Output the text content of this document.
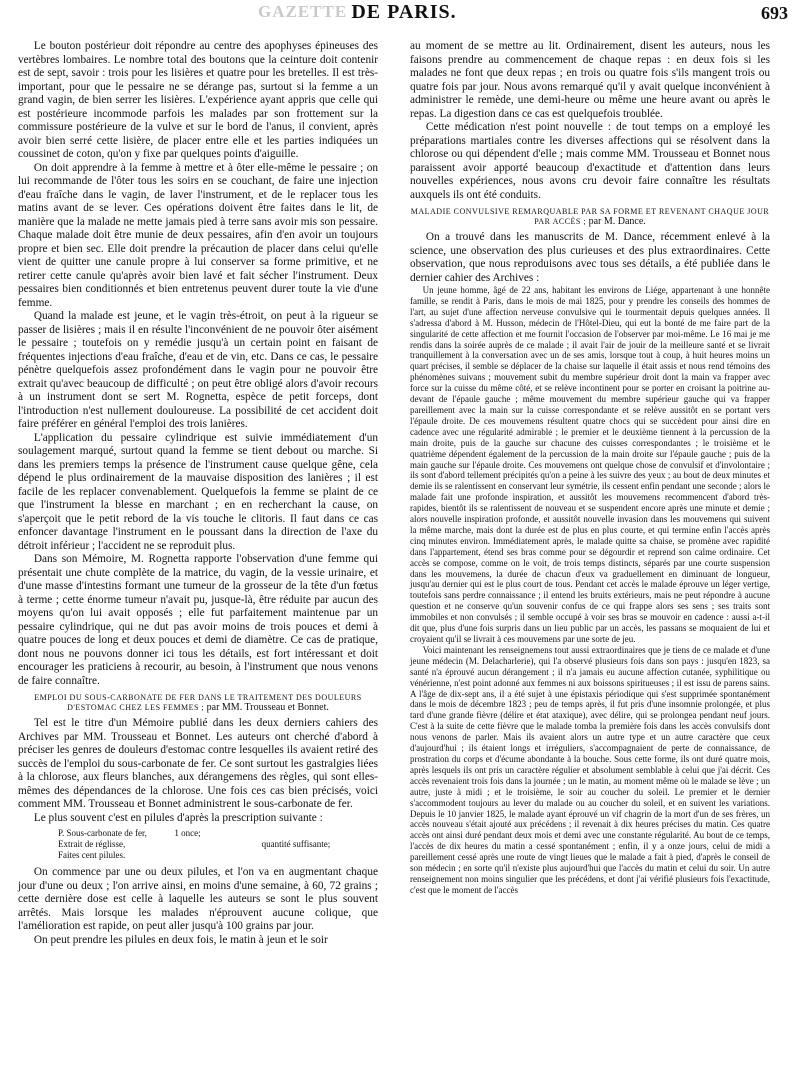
GAZETTE DE PARIS.	693

Le bouton postérieur doit répondre au centre des apophyses épineuses des vertèbres lombaires. Le nombre total des boutons que la ceinture doit contenir est de sept, savoir : trois pour les lisières et quatre pour les bretelles. Il est très-important, pour que le pessaire ne se dérange pas, surtout si la femme a un grand vagin, de bien serrer les lisières. L'expérience ayant appris que celle qui est postérieure incommode parfois les malades par son frottement sur la commissure postérieure de la vulve et sur le bord de l'anus, il convient, après avoir bien serré cette lisière, de placer entre elle et les parties indiquées un coussinet de coton, qu'on y fixe par quelques points d'aiguille.

On doit apprendre à la femme à mettre et à ôter elle-même le pessaire ; on lui recommande de l'ôter tous les soirs en se couchant, de faire une injection d'eau fraîche dans le vagin, de laver l'instrument, et de le replacer tous les matins avant de se lever. Ces opérations doivent être faites dans le lit, de manière que la malade ne mette jamais pied à terre sans avoir mis son pessaire. Chaque malade doit être munie de deux pessaires, afin d'en avoir un toujours propre et bien sec. Elle doit prendre la précaution de placer dans celui qu'elle vient de quitter une canule propre à lui conserver sa forme primitive, et ne retirer cette canule qu'après avoir bien lavé et fait sécher l'instrument. Deux pessaires bien conditionnés et bien entretenus peuvent durer toute la vie d'une femme.

Quand la malade est jeune, et le vagin très-étroit, on peut à la rigueur se passer de lisières ; mais il en résulte l'inconvénient de ne pouvoir ôter aisément le pessaire ; toutefois on y remédie jusqu'à un certain point en faisant de fréquentes injections d'eau fraîche, d'eau et de vin, etc. Dans ce cas, le pessaire pénètre quelquefois assez profondément dans le vagin pour ne pouvoir être extrait qu'avec beaucoup de difficulté ; on peut être obligé alors d'avoir recours à un instrument dont se sert M. Rognetta, espèce de petit forceps, dont l'introduction n'est nullement douloureuse. La possibilité de cet accident doit faire préférer en général l'emploi des trois lanières.

L'application du pessaire cylindrique est suivie immédiatement d'un soulagement marqué, surtout quand la femme se tient debout ou marche. Si dans les premiers temps la présence de l'instrument cause quelque gêne, cela dépend le plus ordinairement de la mauvaise disposition des lanières ; il est facile de les replacer convenablement. Quelquefois la femme se plaint de ce que l'instrument la blesse en marchant ; en en recherchant la cause, on s'aperçoit que le petit rebord de la vis touche le clitoris. Il faut dans ce cas enfoncer davantage l'instrument en le poussant dans la direction de l'axe du détroit inférieur ; l'accident ne se reproduit plus.

Dans son Mémoire, M. Rognetta rapporte l'observation d'une femme qui présentait une chute complète de la matrice, du vagin, de la vessie urinaire, et d'une masse d'intestins formant une tumeur de la grosseur de la tête d'un fœtus à terme ; cette énorme tumeur n'avait pu, jusque-là, être réduite par aucun des moyens qu'on lui avait opposés ; elle fut parfaitement maintenue par un pessaire cylindrique, qui ne dut pas avoir moins de trois pouces et demi à quatre pouces de long et deux pouces et demi de diamètre. Ce cas de pratique, dont nous ne pouvons donner ici tous les détails, est fort intéressant et doit encourager les praticiens à recourir, au besoin, à l'instrument que nous venons de faire connaître.

EMPLOI DU SOUS-CARBONATE DE FER DANS LE TRAITEMENT DES DOULEURS D'ESTOMAC CHEZ LES FEMMES ; par MM. Trousseau et Bonnet.

Tel est le titre d'un Mémoire publié dans les deux derniers cahiers des Archives par MM. Trousseau et Bonnet. Les auteurs ont cherché d'abord à préciser les genres de douleurs d'estomac contre lesquelles ils avaient retiré des succès de l'emploi du sous-carbonate de fer. Ce sont surtout les gastralgies liées à la chlorose, aux fleurs blanches, aux dérangemens des règles, qui sont elles-mêmes des dépendances de la chlorose. Une fois ces cas bien précisés, voici comment MM. Trousseau et Bonnet administrent le sous-carbonate de fer.

Le plus souvent c'est en pilules d'après la prescription suivante :

P. Sous-carbonate de fer,	1 once;
Extrait de réglisse,	quantité suffisante;
Faites cent pilules.

On commence par une ou deux pilules, et l'on va en augmentant chaque jour d'une ou deux ; l'on arrive ainsi, en moins d'une semaine, à 60, 72 grains ; cette dernière dose est celle à laquelle les auteurs se sont le plus souvent arrêtés. Mais lorsque les malades n'éprouvent aucune colique, que l'amélioration est rapide, on peut aller jusqu'à 100 grains par jour.

On peut prendre les pilules en deux fois, le matin à jeun et le soir

au moment de se mettre au lit. Ordinairement, disent les auteurs, nous les faisons prendre au commencement de chaque repas : en deux fois si les malades ne font que deux repas ; en trois ou quatre fois s'ils mangent trois ou quatre fois par jour. Nous avons remarqué qu'il y avait quelque inconvénient à administrer le remède, une demi-heure ou même une heure avant ou après le repas. La digestion dans ce cas est quelquefois troublée.

Cette médication n'est point nouvelle : de tout temps on a employé les préparations martiales contre les diverses affections qui se résolvent dans la chlorose ou qui dépendent d'elle ; mais comme MM. Trousseau et Bonnet nous paraissent avoir apporté beaucoup d'exactitude et d'attention dans leurs nouvelles expériences, nous avons cru devoir faire connaître les résultats auxquels ils ont été conduits.

MALADIE CONVULSIVE REMARQUABLE PAR SA FORME ET REVENANT CHAQUE JOUR PAR ACCÈS ; par M. Dance.

On a trouvé dans les manuscrits de M. Dance, récemment enlevé à la science, une observation des plus curieuses et des plus extraordinaires. Cette observation, que nous reproduisons avec tous ses détails, a été publiée dans le dernier cahier des Archives :

Un jeune homme, âgé de 22 ans, habitant les environs de Liége, appartenant à une honnête famille, se rendit à Paris, dans le mois de mai 1825, pour y prendre les conseils des hommes de l'art, au sujet d'une affection nerveuse convulsive qui le tourmentait depuis quelques années. Il s'adressa d'abord à M. Husson, médecin de l'Hôtel-Dieu, qui eut la bonté de me faire part de la singularité de cette affection et me fournit l'occasion de l'observer par moi-même. Le 16 mai je me rendis dans la soirée auprès de ce malade ; il avait l'air de jouir de la meilleure santé et se livrait tranquillement à la conversation avec un de ses amis, lorsque tout à coup, à huit heures moins un quart précises, il semble se déplacer de la chaise sur laquelle il était assis et nous rend témoins des phénomènes suivans ; mouvement subit du membre supérieur droit dont la main va frapper avec force sur la cuisse du même côté, et se relève incontinent pour se porter en croisant la poitrine au-devant de l'épaule gauche ; même mouvement du membre supérieur gauche qui va frapper pareillement avec la main sur la cuisse correspondante et se relève aussitôt en se portant vers l'épaule droite. De ces mouvemens résultent quatre chocs qui se succèdent pour ainsi dire en cadence avec une régularité admirable ; le premier et le deuxième tiennent à la percussion de la main droite, puis de la gauche sur chacune des cuisses correspondantes ; le troisième et le quatrième dépendent également de la percussion de la main droite sur l'épaule gauche ; puis de la main gauche sur l'épaule droite. Ces mouvemens ont quelque chose de convulsif et d'involontaire ; ils sont d'abord tellement précipités qu'on a peine à les suivre des yeux ; au bout de deux minutes et demie ils se ralentissent en conservant leur symétrie, ils cessent enfin pendant une seconde ; alors le malade fait une profonde inspiration, et aussitôt les mouvemens recommencent d'abord très-rapides, bientôt ils se ralentissent de nouveau et se suspendent encore après une minute et demie ; alors nouvelle inspiration profonde, et aussitôt nouvelle invasion dans les mouvemens qui suivent la même marche, mais dont la durée est de plus en plus courte, et qui termine enfin l'accès après cinq minutes environ. Immédiatement après, le malade quitte sa chaise, se promène avec rapidité dans l'appartement, étend ses bras comme pour se dégourdir et reprend son calme ordinaire. Cet accès se compose, comme on le voit, de trois temps distincts, séparés par une courte suspension dans les mouvemens, la durée de chacun d'eux va graduellement en diminuant de longueur, jusqu'au dernier qui est le plus court de tous. Pendant cet accès le malade éprouve un léger vertige, toutefois sans perdre connaissance ; il entend les bruits extérieurs, mais ne peut répondre à aucune question et ne conserve qu'un souvenir confus de ce qui frappe alors ses sens ; ses traits sont immobiles et non convulsés ; il semble occupé à voir ses bras se mouvoir en cadence : aussi a-t-il dit que, plus d'une fois surpris dans un lieu public par un accès, les passans se moquaient de lui et croyaient qu'il se livrait à ces mouvemens par une sorte de jeu.

Voici maintenant les renseignemens tout aussi extraordinaires que je tiens de ce malade et d'une jeune médecin (M. Delacharlerie), qui l'a observé plusieurs fois dans son pays : jusqu'en 1823, sa santé n'a éprouvé aucun dérangement ; il n'a jamais eu aucune affection cutanée, syphilitique ou vénérienne, n'est point adonné aux femmes ni aux boissons spiritueuses ; il est issu de parens sains. A l'âge de dix-sept ans, il a été sujet à une épistaxis périodique qui s'est supprimée spontanément dans le mois de décembre 1823 ; peu de temps après, il fut pris d'une insomnie prolongée, et plus tard d'une grande fièvre (délire et état ataxique), avec délire, qui se prolongea pendant neuf jours. C'est à la suite de cette fièvre que le malade tomba la première fois dans les accès convulsifs dont nous venons de parler. Mais ils avaient alors un autre type et un autre caractère que ceux d'aujourd'hui ; ils étaient longs et irréguliers, s'accompagnaient de perte de connaissance, de prostration du corps et d'écume abondante à la bouche. Sous cette forme, ils ont duré quatre mois, après lesquels ils ont pris un caractère régulier et absolument semblable à celui que j'ai décrit. Ces accès revenaient trois fois dans la journée ; un le matin, au moment même où le malade se lève ; un autre, juste à midi ; et le troisième, le soir au coucher du soleil. Le premier et le dernier s'accommodent toujours au lever du malade ou au coucher du soleil, et en suivent les variations. Depuis le 10 janvier 1825, le malade ayant éprouvé un vif chagrin de la mort d'un de ses frères, un accès nouveau s'était ajouté aux précédens ; il revenait à dix heures précises du matin. Ces quatre accès ont ainsi duré pendant deux mois et demi avec une constante régularité. Au bout de ce temps, l'accès de dix heures du matin a cessé spontanément ; enfin, il y a onze jours, celui de midi a pareillement cessé après une route de vingt lieues que le malade a fait à pied, d'après le conseil de son médecin ; en sorte qu'il n'existe plus aujourd'hui que l'accès du matin et celui du soir. Un autre renseignement non moins singulier que les précédens, et dont j'ai vérifié plusieurs fois l'exactitude, c'est que le moment de l'accès
